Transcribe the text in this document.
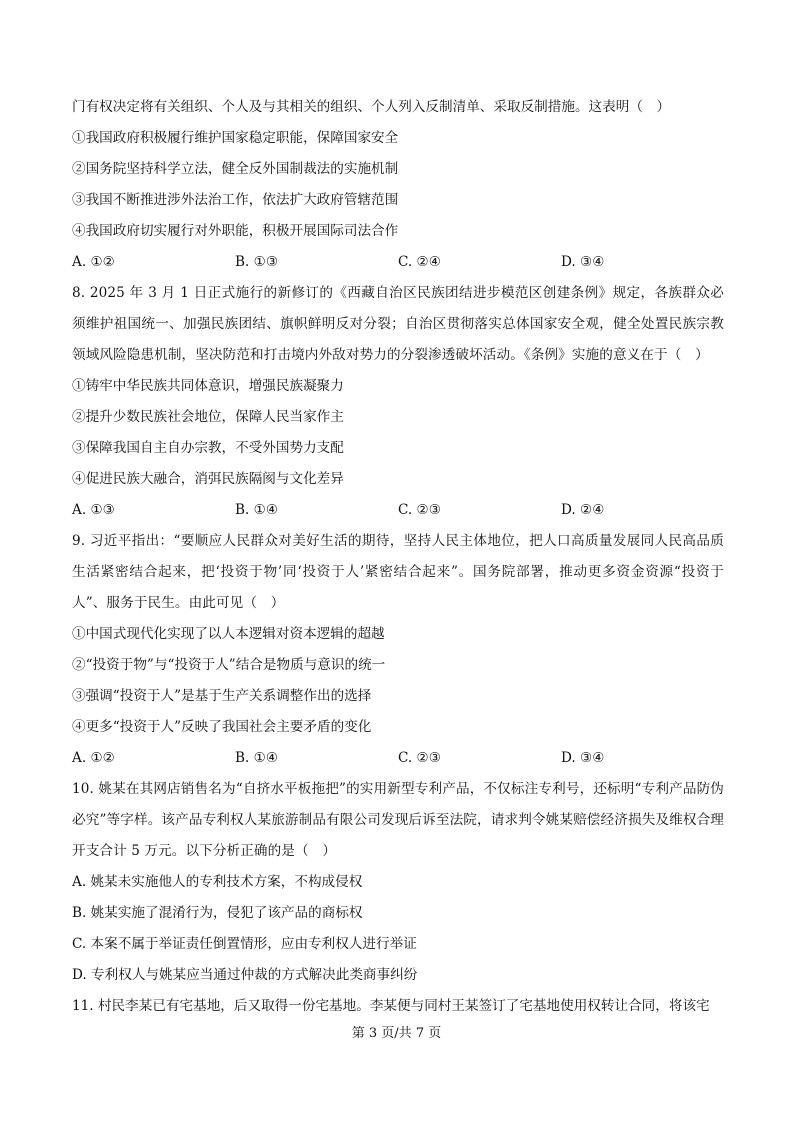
门有权决定将有关组织、个人及与其相关的组织、个人列入反制清单、采取反制措施。这表明（　）
①我国政府积极履行维护国家稳定职能，保障国家安全
②国务院坚持科学立法，健全反外国制裁法的实施机制
③我国不断推进涉外法治工作，依法扩大政府管辖范围
④我国政府切实履行对外职能，积极开展国际司法合作
A. ①②	B. ①③	C. ②④	D. ③④
8. 2025 年 3 月 1 日正式施行的新修订的《西藏自治区民族团结进步模范区创建条例》规定，各族群众必须维护祖国统一、加强民族团结、旗帜鲜明反对分裂；自治区贯彻落实总体国家安全观，健全处置民族宗教领域风险隐患机制，坚决防范和打击境内外敌对势力的分裂渗透破坏活动。《条例》实施的意义在于（　）
①铸牢中华民族共同体意识，增强民族凝聚力
②提升少数民族社会地位，保障人民当家作主
③保障我国自主自办宗教，不受外国势力支配
④促进民族大融合，消弭民族隔阂与文化差异
A. ①③	B. ①④	C. ②③	D. ②④
9. 习近平指出：“要顺应人民群众对美好生活的期待，坚持人民主体地位，把人口高质量发展同人民高品质生活紧密结合起来，把‘投资于物’同‘投资于人’紧密结合起来”。国务院部署，推动更多资金资源“投资于人”、服务于民生。由此可见（　）
①中国式现代化实现了以人本逻辑对资本逻辑的超越
②“投资于物”与“投资于人”结合是物质与意识的统一
③强调“投资于人”是基于生产关系调整作出的选择
④更多“投资于人”反映了我国社会主要矛盾的变化
A. ①②	B. ①④	C. ②③	D. ③④
10. 姚某在其网店销售名为“自挤水平板拖把”的实用新型专利产品，不仅标注专利号，还标明“专利产品防伪必究”等字样。该产品专利权人某旅游制品有限公司发现后诉至法院，请求判令姚某赔偿经济损失及维权合理开支合计 5 万元。以下分析正确的是（　）
A. 姚某未实施他人的专利技术方案，不构成侵权
B. 姚某实施了混淆行为，侵犯了该产品的商标权
C. 本案不属于举证责任倒置情形，应由专利权人进行举证
D. 专利权人与姚某应当通过仲裁的方式解决此类商事纠纷
11. 村民李某已有宅基地，后又取得一份宅基地。李某便与同村王某签订了宅基地使用权转让合同，将该宅
第 3 页/共 7 页
